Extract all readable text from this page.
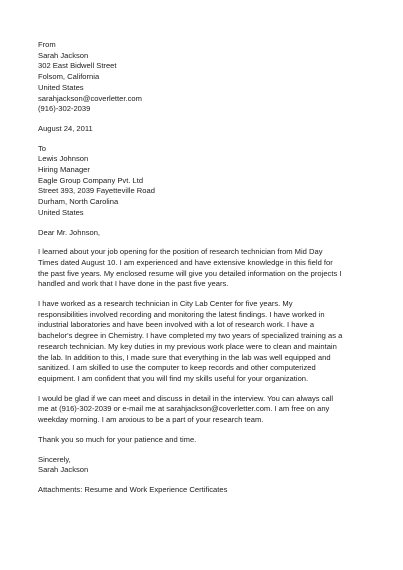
From
Sarah Jackson
302 East Bidwell Street
Folsom, California
United States
sarahjackson@coverletter.com
(916)-302-2039
August 24, 2011
To
Lewis Johnson
Hiring Manager
Eagle Group Company Pvt. Ltd
Street 393, 2039 Fayetteville Road
Durham, North Carolina
United States
Dear Mr. Johnson,
I learned about your job opening for the position of research technician from Mid Day
Times dated August 10. I am experienced and have extensive knowledge in this field for
the past five years. My enclosed resume will give you detailed information on the projects I
handled and work that I have done in the past five years.
I have worked as a research technician in City Lab Center for five years. My
responsibilities involved recording and monitoring the latest findings. I have worked in
industrial laboratories and have been involved with a lot of research work. I have a
bachelor's degree in Chemistry. I have completed my two years of specialized training as a
research technician. My key duties in my previous work place were to clean and maintain
the lab. In addition to this, I made sure that everything in the lab was well equipped and
sanitized. I am skilled to use the computer to keep records and other computerized
equipment. I am confident that you will find my skills useful for your organization.
I would be glad if we can meet and discuss in detail in the interview. You can always call
me at (916)-302-2039 or e-mail me at sarahjackson@coverletter.com. I am free on any
weekday morning. I am anxious to be a part of your research team.
Thank you so much for your patience and time.
Sincerely,
Sarah Jackson
Attachments: Resume and Work Experience Certificates
